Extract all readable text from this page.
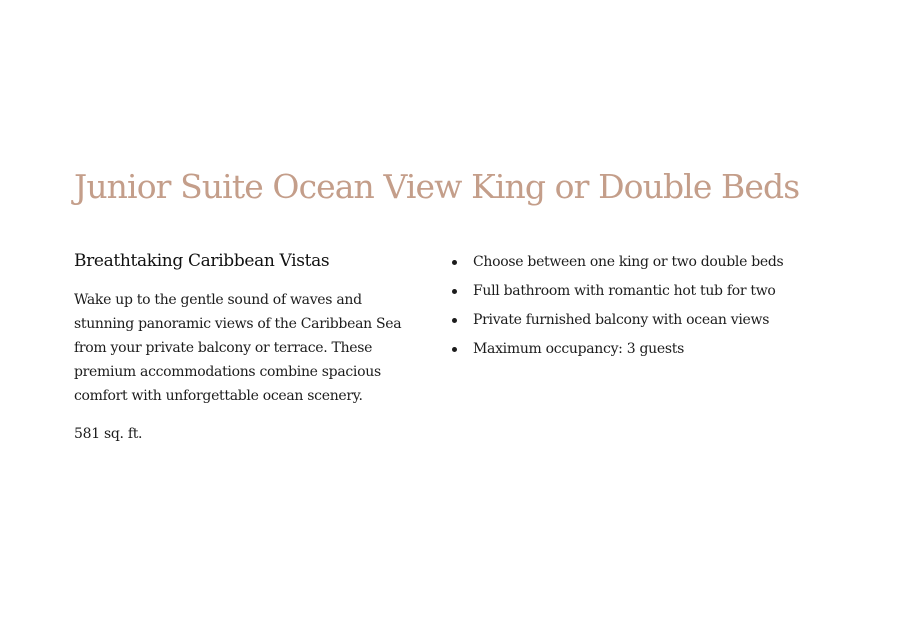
Junior Suite Ocean View King or Double Beds
Breathtaking Caribbean Vistas

Wake up to the gentle sound of waves and stunning panoramic views of the Caribbean Sea from your private balcony or terrace. These premium accommodations combine spacious comfort with unforgettable ocean scenery.

581 sq. ft.

Choose between one king or two double beds
Full bathroom with romantic hot tub for two
Private furnished balcony with ocean views
Maximum occupancy: 3 guests
